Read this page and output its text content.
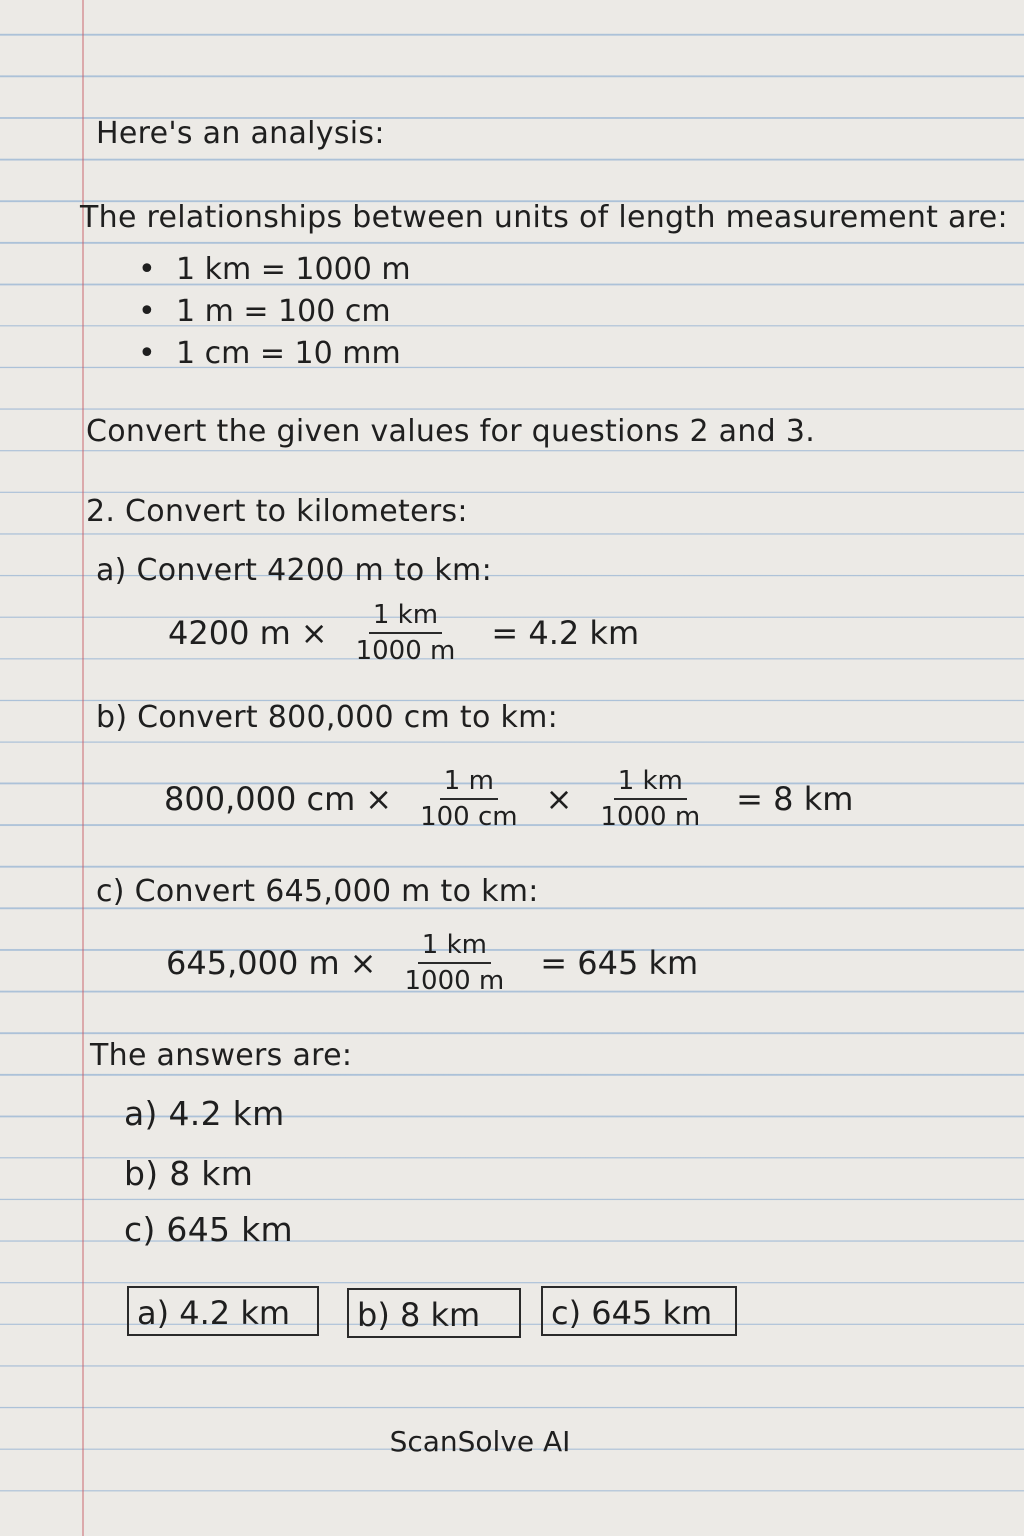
Here's an analysis:
The relationships between units of length measurement are:
• 1 km = 1000 m
• 1 m = 100 cm
• 1 cm = 10 mm
Convert the given values for questions 2 and 3.
2. Convert to kilometers:
a) Convert 4200 m to km:
4200 $m \times \frac{1 km}{1000 m} = 4.2$ km
b) Convert 800,000 cm to km:
800,000 cm × $\frac{1 m}{100 cm} \times \frac{1 km}{1000 m} = 8$ km
c) Convert 645,000 m to km:
645,000 $m \times \frac{1 km}{1000 m} = 645$ km
The answers are:
a) 4.2 km
b) 8 km
c) 645 km
a) 4.2 km	b) 8 km	c) 645 km
ScanSolve AI
